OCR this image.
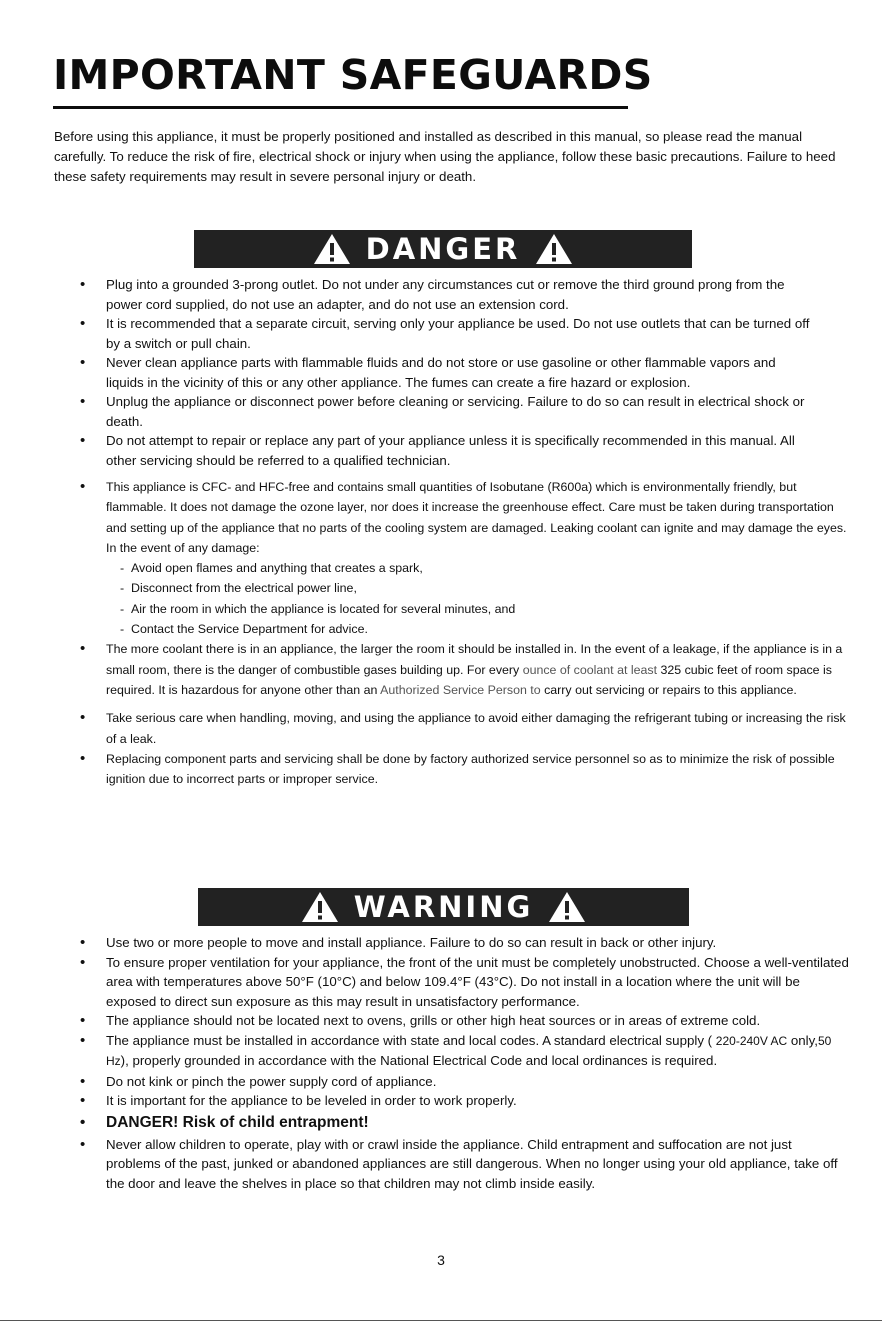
IMPORTANT SAFEGUARDS

Before using this appliance, it must be properly positioned and installed as described in this manual, so please read the manual carefully. To reduce the risk of fire, electrical shock or injury when using the appliance, follow these basic precautions. Failure to heed these safety requirements may result in severe personal injury or death.

DANGER
• Plug into a grounded 3-prong outlet. Do not under any circumstances cut or remove the third ground prong from the power cord supplied, do not use an adapter, and do not use an extension cord.
• It is recommended that a separate circuit, serving only your appliance be used. Do not use outlets that can be turned off by a switch or pull chain.
• Never clean appliance parts with flammable fluids and do not store or use gasoline or other flammable vapors and liquids in the vicinity of this or any other appliance. The fumes can create a fire hazard or explosion.
• Unplug the appliance or disconnect power before cleaning or servicing. Failure to do so can result in electrical shock or death.
• Do not attempt to repair or replace any part of your appliance unless it is specifically recommended in this manual. All other servicing should be referred to a qualified technician.
• This appliance is CFC- and HFC-free and contains small quantities of Isobutane (R600a) which is environmentally friendly, but flammable. It does not damage the ozone layer, nor does it increase the greenhouse effect. Care must be taken during transportation and setting up of the appliance that no parts of the cooling system are damaged. Leaking coolant can ignite and may damage the eyes.
In the event of any damage:
- Avoid open flames and anything that creates a spark,
- Disconnect from the electrical power line,
- Air the room in which the appliance is located for several minutes, and
- Contact the Service Department for advice.
• The more coolant there is in an appliance, the larger the room it should be installed in. In the event of a leakage, if the appliance is in a small room, there is the danger of combustible gases building up. For every ounce of coolant at least 325 cubic feet of room space is required. It is hazardous for anyone other than an Authorized Service Person to carry out servicing or repairs to this appliance.
• Take serious care when handling, moving, and using the appliance to avoid either damaging the refrigerant tubing or increasing the risk of a leak.
• Replacing component parts and servicing shall be done by factory authorized service personnel so as to minimize the risk of possible ignition due to incorrect parts or improper service.
WARNING
• Use two or more people to move and install appliance. Failure to do so can result in back or other injury.
• To ensure proper ventilation for your appliance, the front of the unit must be completely unobstructed. Choose a well-ventilated area with temperatures above 50°F (10°C) and below 109.4°F (43°C). Do not install in a location where the unit will be exposed to direct sun exposure as this may result in unsatisfactory performance.
• The appliance should not be located next to ovens, grills or other high heat sources or in areas of extreme cold.
• The appliance must be installed in accordance with state and local codes. A standard electrical supply ( 220-240V AC only,50 Hz), properly grounded in accordance with the National Electrical Code and local ordinances is required.
• Do not kink or pinch the power supply cord of appliance.
• It is important for the appliance to be leveled in order to work properly.
• DANGER! Risk of child entrapment!
• Never allow children to operate, play with or crawl inside the appliance. Child entrapment and suffocation are not just problems of the past, junked or abandoned appliances are still dangerous. When no longer using your old appliance, take off the door and leave the shelves in place so that children may not climb inside easily.
3
